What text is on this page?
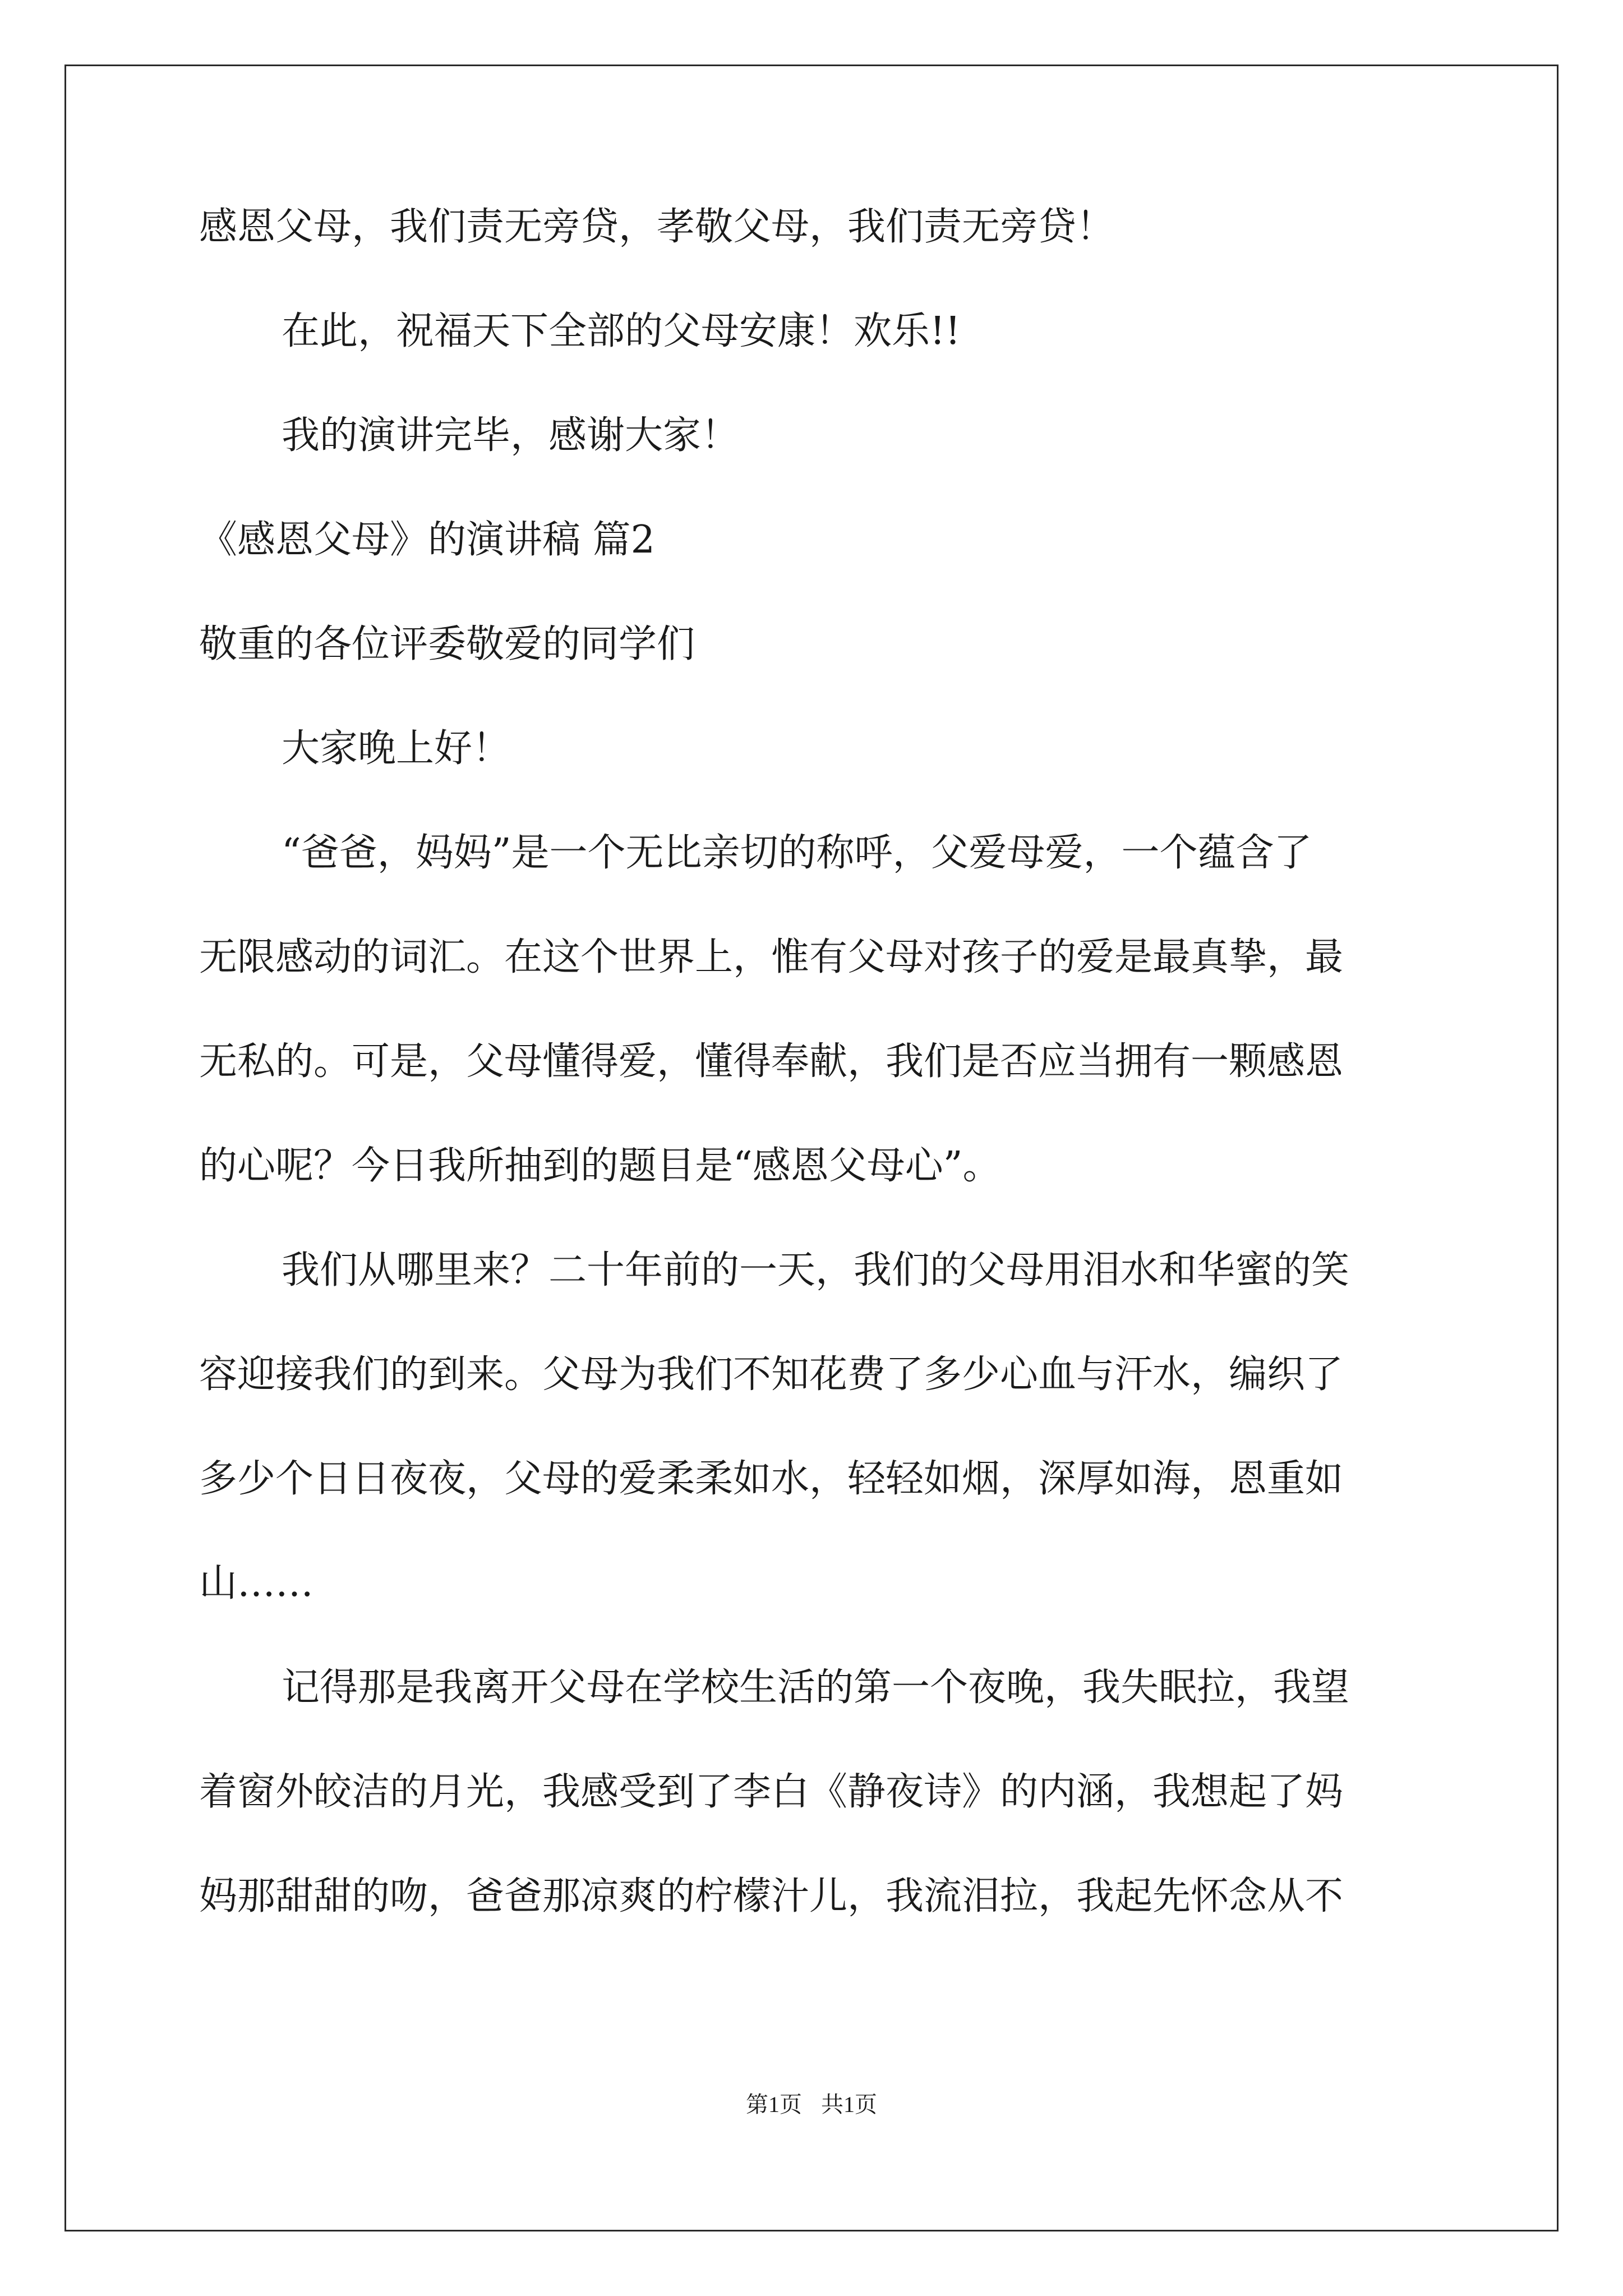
感恩父母，我们责无旁贷，孝敬父母，我们责无旁贷！
在此，祝福天下全部的父母安康！欢乐!!
我的演讲完毕，感谢大家！
《感恩父母》的演讲稿 篇2
敬重的各位评委敬爱的同学们
大家晚上好！
“爸爸，妈妈”是一个无比亲切的称呼，父爱母爱，一个蕴含了
无限感动的词汇。在这个世界上，惟有父母对孩子的爱是最真挚，最
无私的。可是，父母懂得爱，懂得奉献，我们是否应当拥有一颗感恩
的心呢？今日我所抽到的题目是“感恩父母心”。
我们从哪里来？二十年前的一天，我们的父母用泪水和华蜜的笑
容迎接我们的到来。父母为我们不知花费了多少心血与汗水，编织了
多少个日日夜夜，父母的爱柔柔如水，轻轻如烟，深厚如海，恩重如
山……
记得那是我离开父母在学校生活的第一个夜晚，我失眠拉，我望
着窗外皎洁的月光，我感受到了李白《静夜诗》的内涵，我想起了妈
妈那甜甜的吻，爸爸那凉爽的柠檬汁儿，我流泪拉，我起先怀念从不
第1页 共1页
